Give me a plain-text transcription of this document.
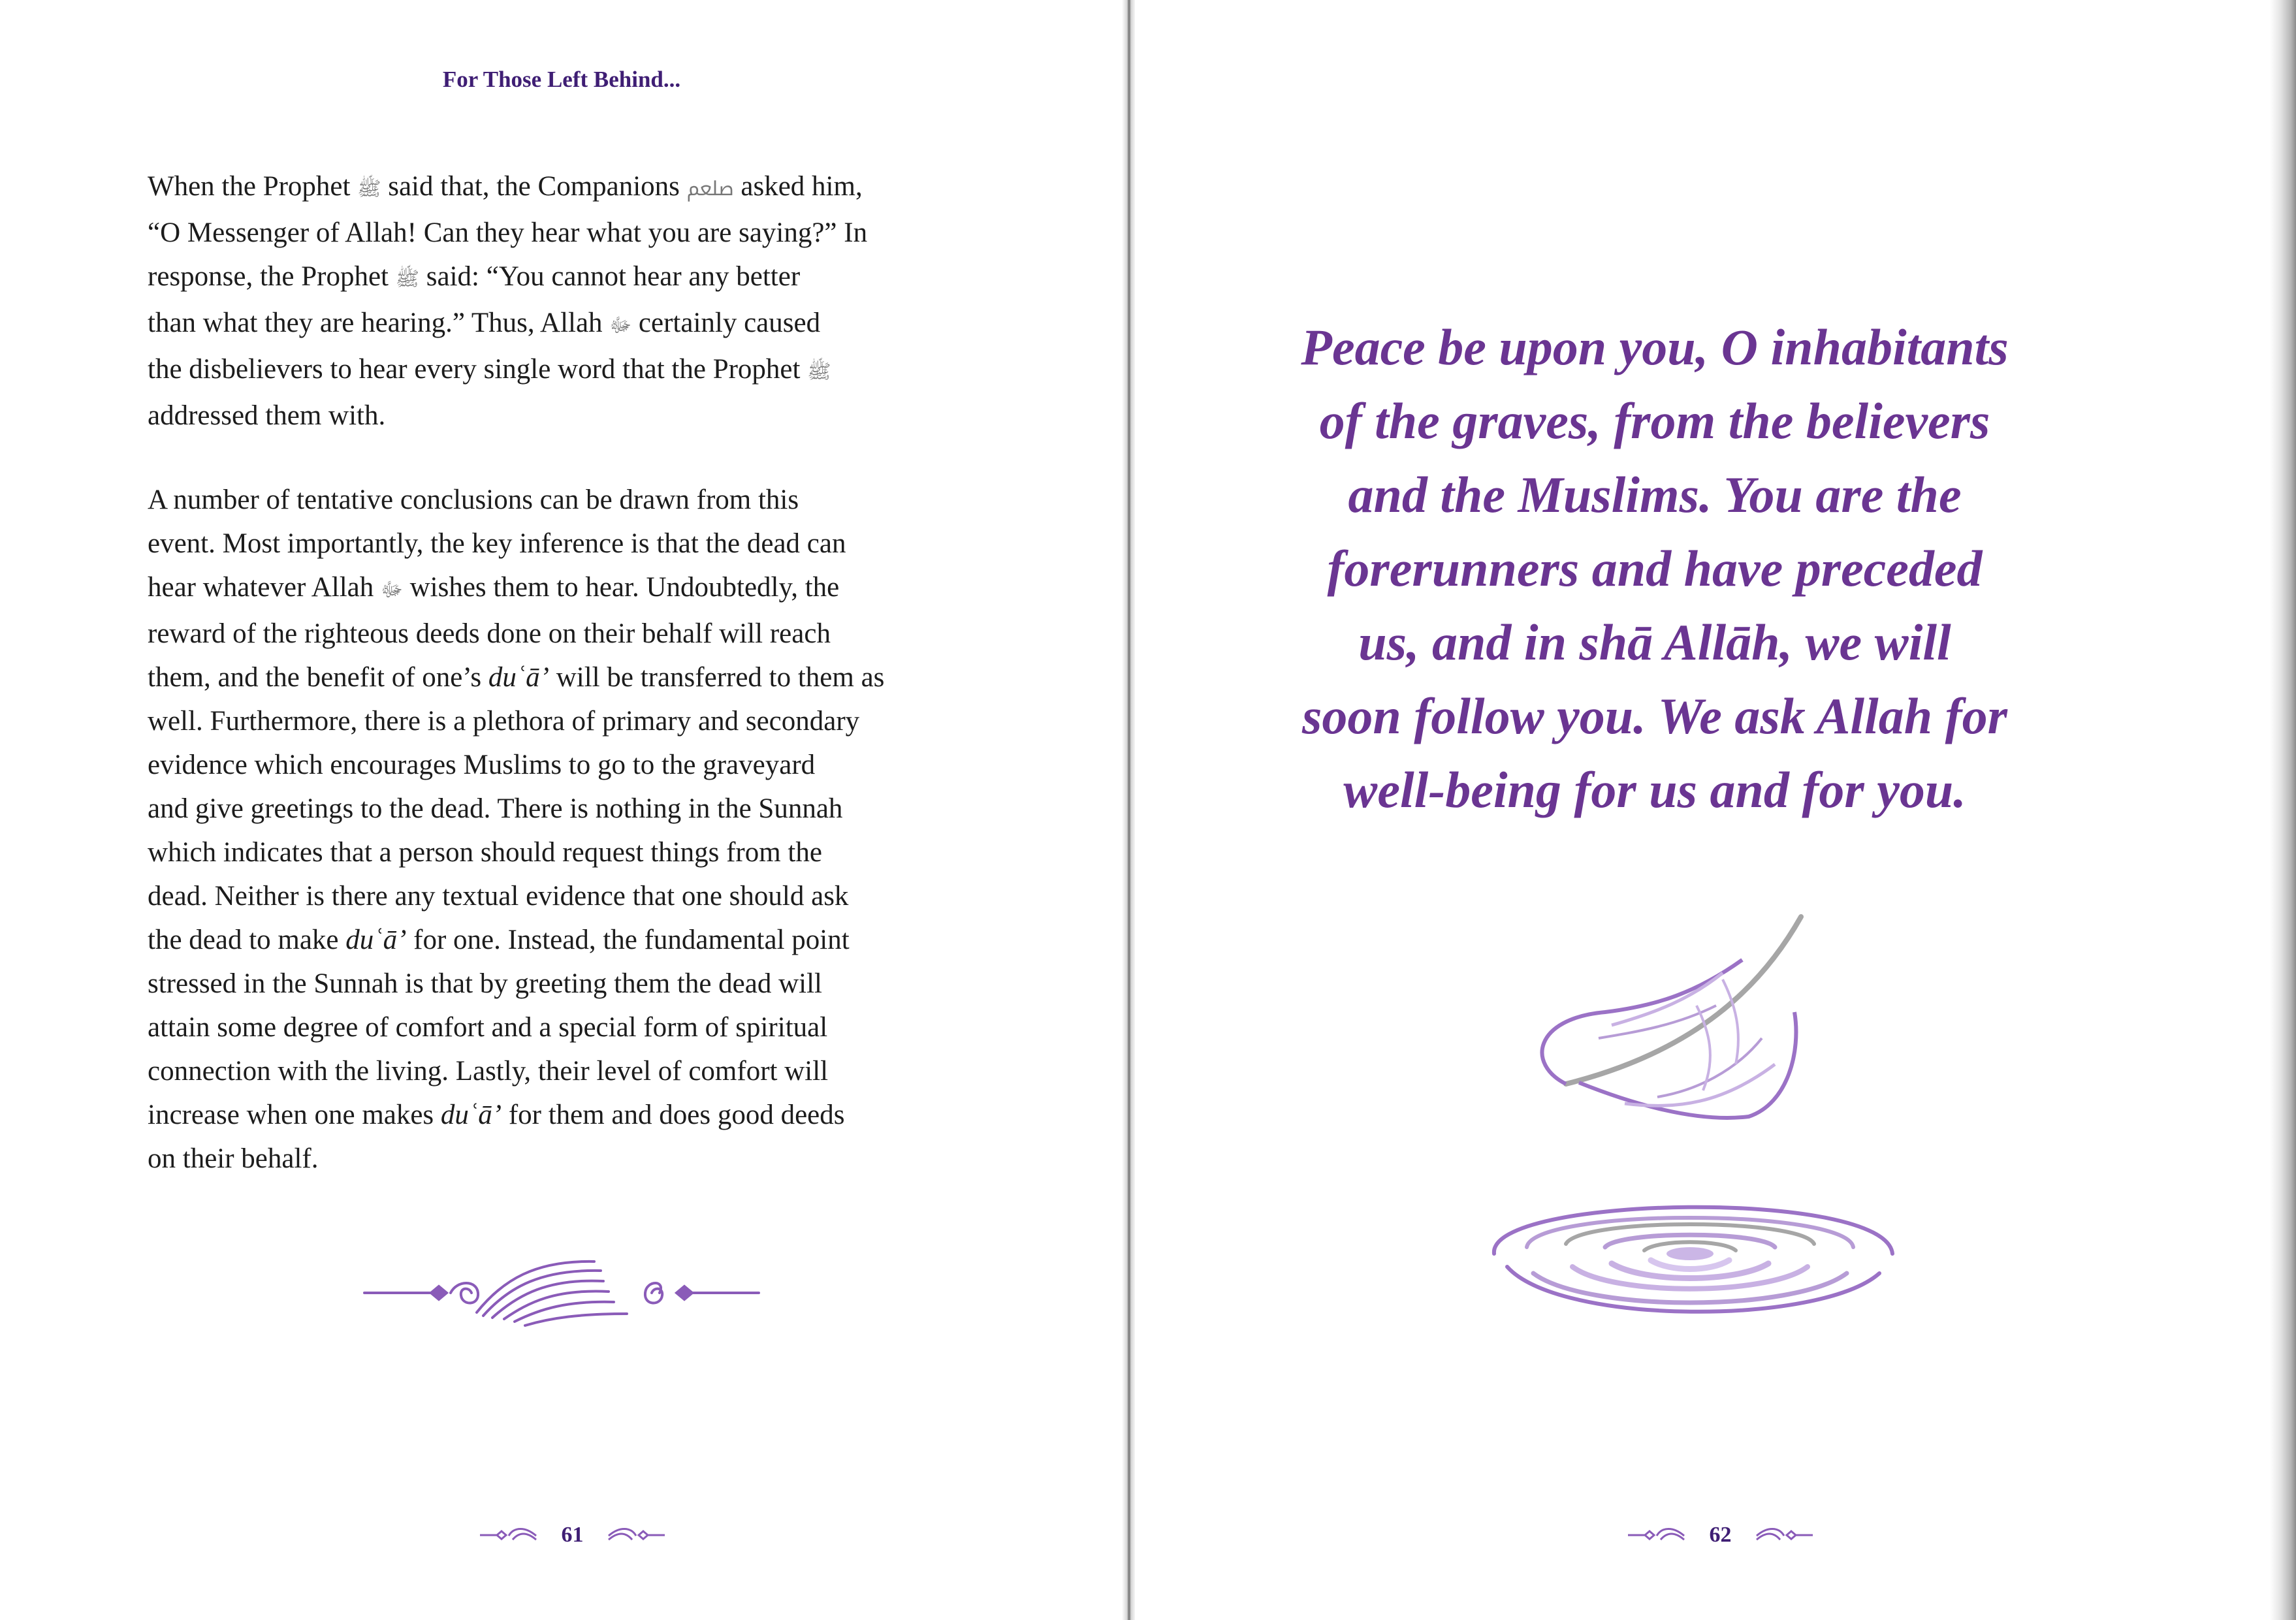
For Those Left Behind...

When the Prophet ﷺ said that, the Companions ﷵ asked him,
“O Messenger of Allah! Can they hear what you are saying?” In
response, the Prophet ﷺ said: “You cannot hear any better
than what they are hearing.” Thus, Allah ﷻ certainly caused
the disbelievers to hear every single word that the Prophet ﷺ
addressed them with.

A number of tentative conclusions can be drawn from this
event. Most importantly, the key inference is that the dead can
hear whatever Allah ﷻ wishes them to hear. Undoubtedly, the
reward of the righteous deeds done on their behalf will reach
them, and the benefit of one’s duʿā’ will be transferred to them as
well. Furthermore, there is a plethora of primary and secondary
evidence which encourages Muslims to go to the graveyard
and give greetings to the dead. There is nothing in the Sunnah
which indicates that a person should request things from the
dead. Neither is there any textual evidence that one should ask
the dead to make duʿā’ for one. Instead, the fundamental point
stressed in the Sunnah is that by greeting them the dead will
attain some degree of comfort and a special form of spiritual
connection with the living. Lastly, their level of comfort will
increase when one makes duʿā’ for them and does good deeds
on their behalf.

61
Peace be upon you, O inhabitants
of the graves, from the believers
and the Muslims. You are the
forerunners and have preceded
us, and in shā Allāh, we will
soon follow you. We ask Allah for
well-being for us and for you.
62
